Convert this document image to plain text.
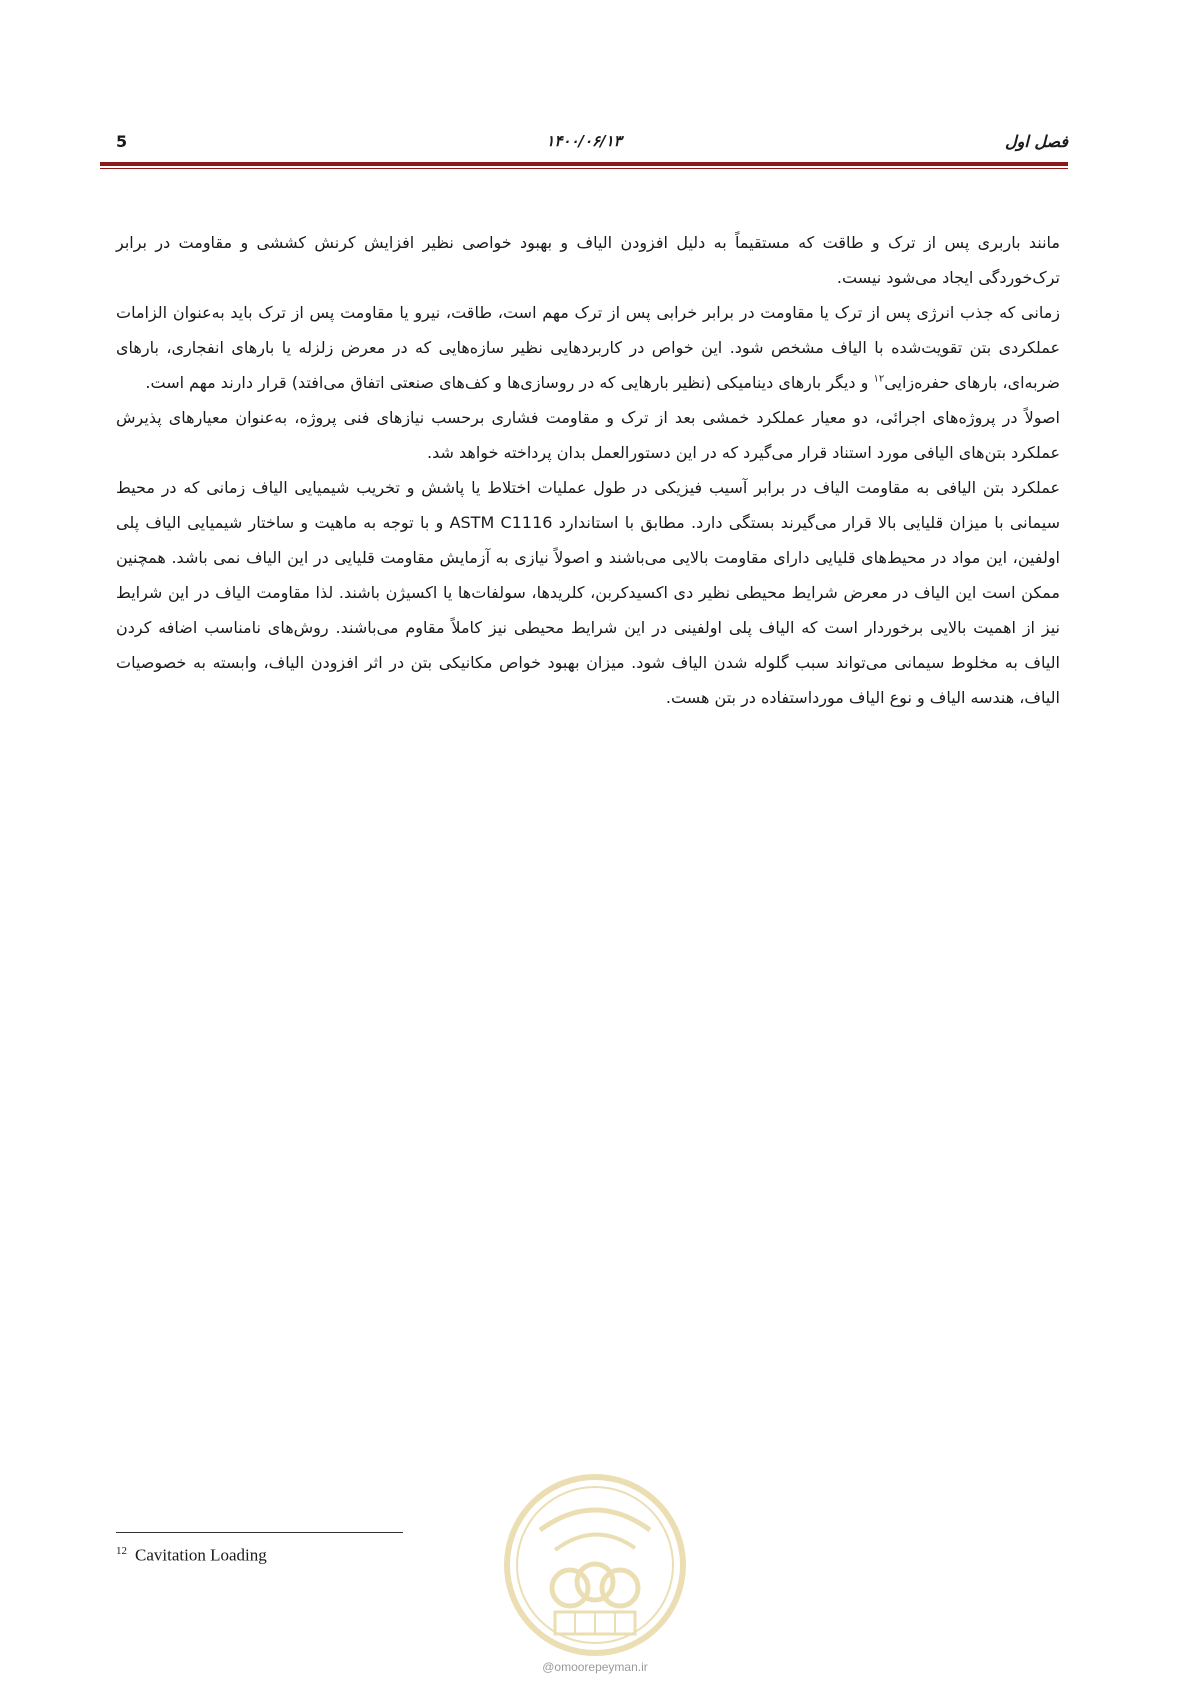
فصل اول
۱۴۰۰/۰۶/۱۳
5

مانند باربری پس از ترک و طاقت که مستقیماً به دلیل افزودن الیاف و بهبود خواصی نظیر افزایش کرنش کششی و مقاومت در برابر ترک‌خوردگی ایجاد می‌شود نیست.

زمانی که جذب انرژی پس از ترک یا مقاومت در برابر خرابی پس از ترک مهم است، طاقت، نیرو یا مقاومت پس از ترک باید به‌عنوان الزامات عملکردی بتن تقویت‌شده با الیاف مشخص شود. این خواص در کاربردهایی نظیر سازه‌هایی که در معرض زلزله یا بارهای انفجاری، بارهای ضربه‌ای، بارهای حفره‌زایی$^{۱۲}$ و دیگر بارهای دینامیکی (نظیر بارهایی که در روسازی‌ها و کف‌های صنعتی اتفاق می‌افتد) قرار دارند مهم است.

اصولاً در پروژه‌های اجرائی، دو معیار عملکرد خمشی بعد از ترک و مقاومت فشاری برحسب نیازهای فنی پروژه، به‌عنوان معیارهای پذیرش عملکرد بتن‌های الیافی مورد استناد قرار می‌گیرد که در این دستورالعمل بدان پرداخته خواهد شد.

عملکرد بتن الیافی به مقاومت الیاف در برابر آسیب فیزیکی در طول عملیات اختلاط یا پاشش و تخریب شیمیایی الیاف زمانی که در محیط سیمانی با میزان قلیایی بالا قرار می‌گیرند بستگی دارد. مطابق با استاندارد ASTM C1116 و با توجه به ماهیت و ساختار شیمیایی الیاف پلی اولفین، این مواد در محیط‌های قلیایی دارای مقاومت بالایی می‌باشند و اصولاً نیازی به آزمایش مقاومت قلیایی در این الیاف نمی باشد. همچنین ممکن است این الیاف در معرض شرایط محیطی نظیر دی اکسیدکربن، کلریدها، سولفات‌ها یا اکسیژن باشند. لذا مقاومت الیاف در این شرایط نیز از اهمیت بالایی برخوردار است که الیاف پلی اولفینی در این شرایط محیطی نیز کاملاً مقاوم می‌باشند. روش‌های نامناسب اضافه کردن الیاف به مخلوط سیمانی می‌تواند سبب گلوله شدن الیاف شود. میزان بهبود خواص مکانیکی بتن در اثر افزودن الیاف، وابسته به خصوصیات الیاف، هندسه الیاف و نوع الیاف مورداستفاده در بتن هست.

$^{12}$ Cavitation Loading
@omoorepeyman.ir
